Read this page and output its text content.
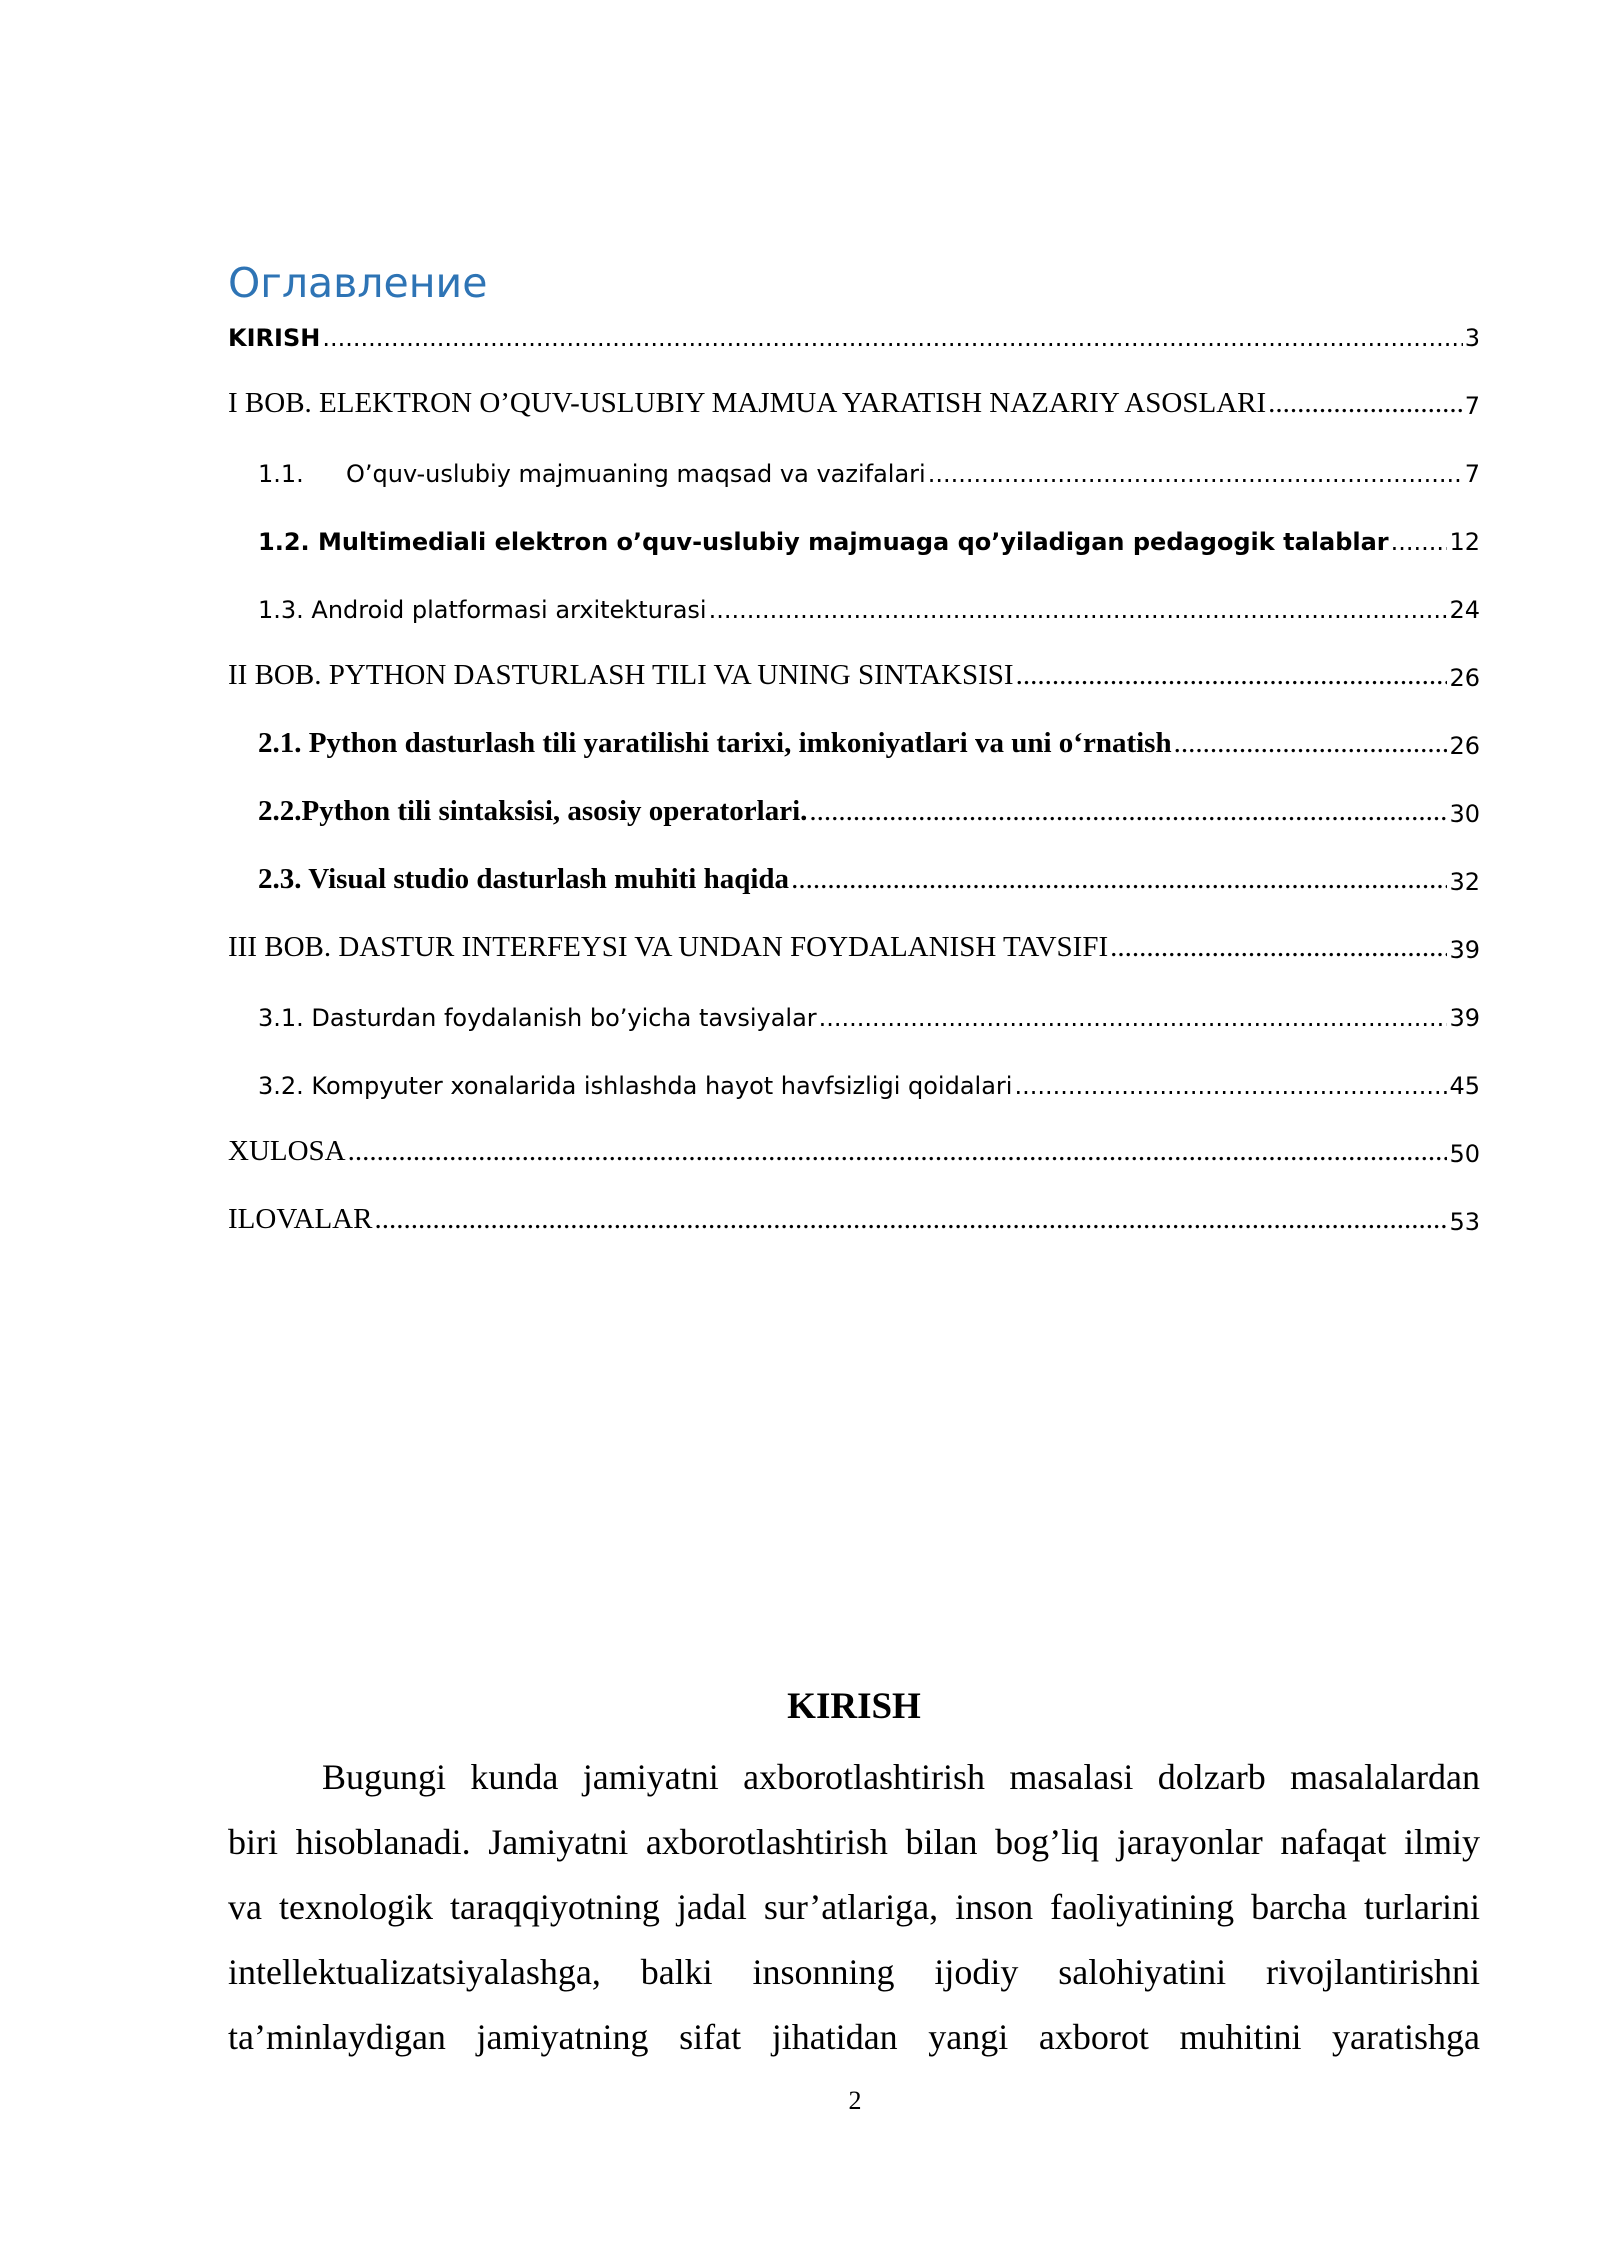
Оглавление
KIRISH .....	3
I BOB. ELEKTRON O’QUV-USLUBIY MAJMUA YARATISH NAZARIY ASOSLARI .....	7
1.1.	O’quv-uslubiy majmuaning maqsad va vazifalari .....	7
1.2. Multimediali elektron o’quv-uslubiy majmuaga qo’yiladigan pedagogik talablar .....	12
1.3. Android platformasi arxitekturasi .....	24
II BOB. PYTHON DASTURLASH TILI VA UNING SINTAKSISI .....	26
2.1. Python dasturlash tili yaratilishi tarixi, imkoniyatlari va uni o‘rnatish .....	26
2.2.Python tili sintaksisi, asosiy operatorlari. .....	30
2.3. Visual studio dasturlash muhiti haqida .....	32
III BOB. DASTUR INTERFEYSI VA UNDAN FOYDALANISH TAVSIFI .....	39
3.1. Dasturdan foydalanish bo’yicha tavsiyalar .....	39
3.2. Kompyuter xonalarida ishlashda hayot havfsizligi qoidalari .....	45
XULOSA .....	50
ILOVALAR .....	53
KIRISH
Bugungi kunda jamiyatni axborotlashtirish masalasi dolzarb masalalardan
biri hisoblanadi. Jamiyatni axborotlashtirish bilan bog’liq jarayonlar nafaqat ilmiy
va texnologik taraqqiyotning jadal sur’atlariga, inson faoliyatining barcha turlarini
intellektualizatsiyalashga, balki insonning ijodiy salohiyatini rivojlantirishni
ta’minlaydigan jamiyatning sifat jihatidan yangi axborot muhitini yaratishga
2
